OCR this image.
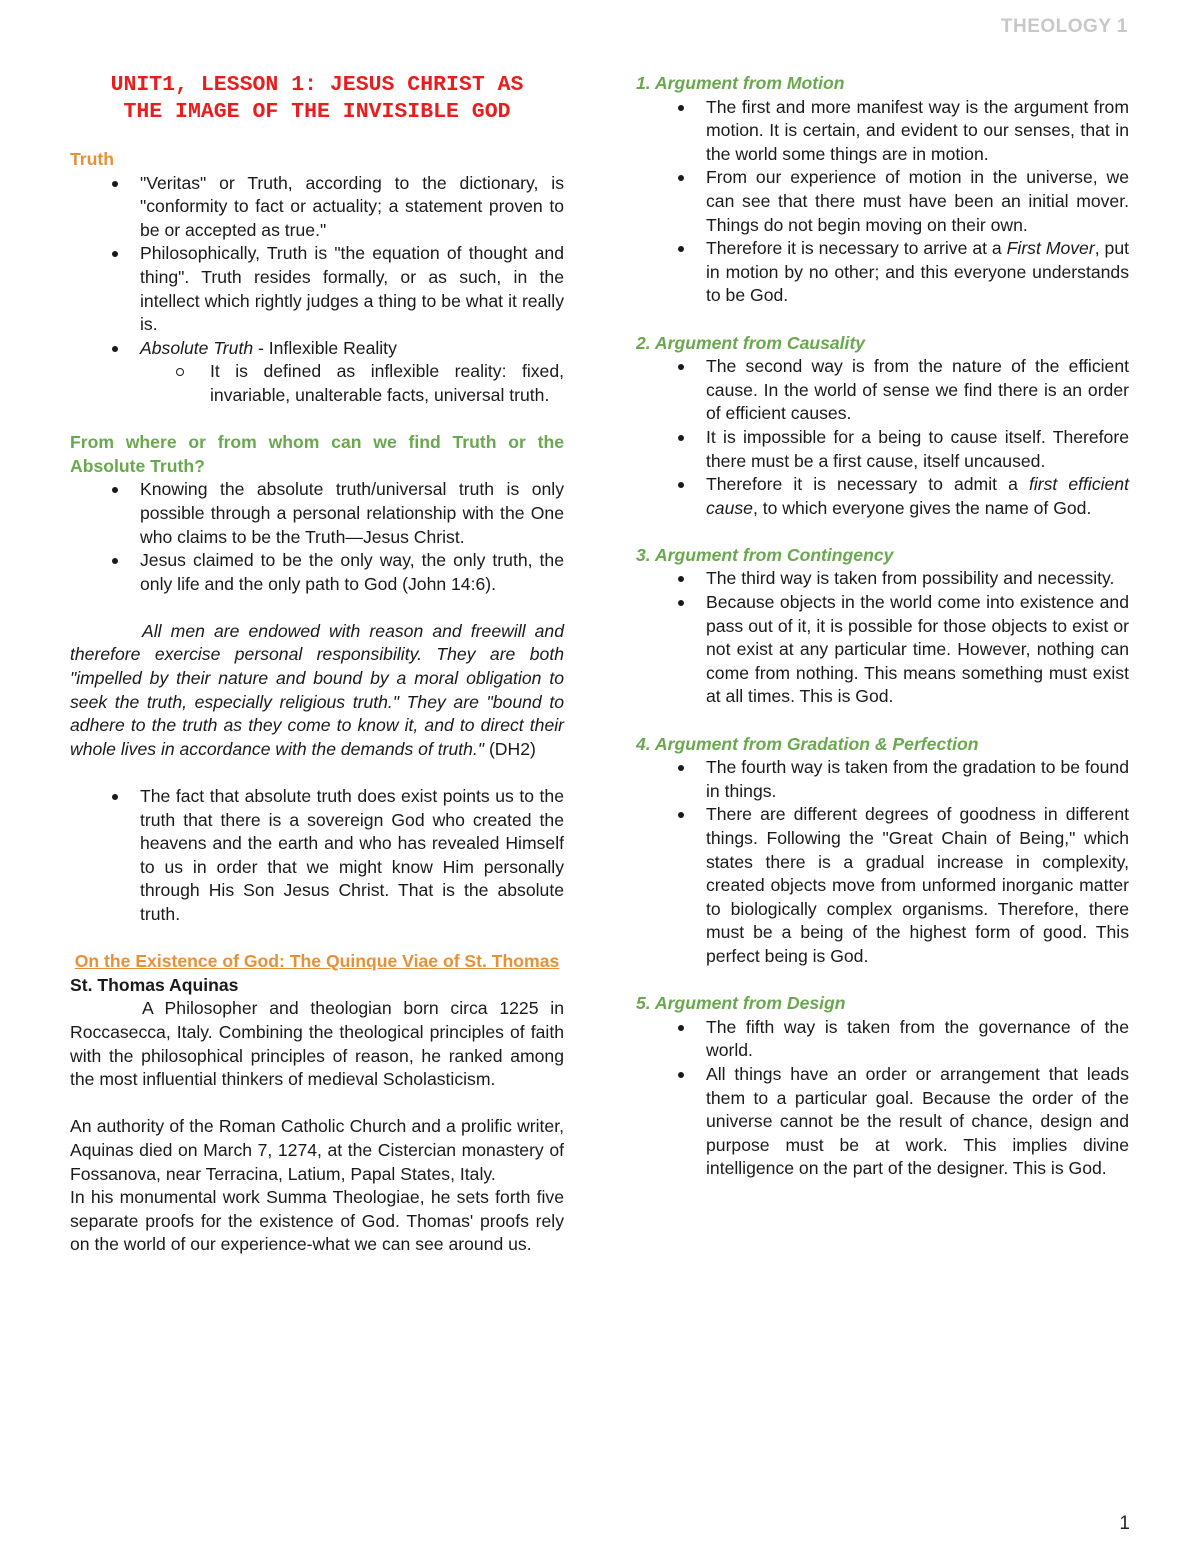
THEOLOGY 1
UNIT1, LESSON 1: JESUS CHRIST AS
THE IMAGE OF THE INVISIBLE GOD

Truth

"Veritas" or Truth, according to the dictionary, is "conformity to fact or actuality; a statement proven to be or accepted as true."
Philosophically, Truth is "the equation of thought and thing". Truth resides formally, or as such, in the intellect which rightly judges a thing to be what it really is.
Absolute Truth - Inflexible Reality
It is defined as inflexible reality: fixed, invariable, unalterable facts, universal truth.

From where or from whom can we find Truth or the Absolute Truth?

Knowing the absolute truth/universal truth is only possible through a personal relationship with the One who claims to be the Truth—Jesus Christ.
Jesus claimed to be the only way, the only truth, the only life and the only path to God (John 14:6).

All men are endowed with reason and freewill and therefore exercise personal responsibility. They are both "impelled by their nature and bound by a moral obligation to seek the truth, especially religious truth." They are "bound to adhere to the truth as they come to know it, and to direct their whole lives in accordance with the demands of truth." (DH2)

The fact that absolute truth does exist points us to the truth that there is a sovereign God who created the heavens and the earth and who has revealed Himself to us in order that we might know Him personally through His Son Jesus Christ. That is the absolute truth.

On the Existence of God: The Quinque Viae of St. Thomas

St. Thomas Aquinas

A Philosopher and theologian born circa 1225 in Roccasecca, Italy. Combining the theological principles of faith with the philosophical principles of reason, he ranked among the most influential thinkers of medieval Scholasticism.

An authority of the Roman Catholic Church and a prolific writer, Aquinas died on March 7, 1274, at the Cistercian monastery of Fossanova, near Terracina, Latium, Papal States, Italy.

In his monumental work Summa Theologiae, he sets forth five separate proofs for the existence of God. Thomas' proofs rely on the world of our experience-what we can see around us.

1. Argument from Motion

The first and more manifest way is the argument from motion. It is certain, and evident to our senses, that in the world some things are in motion.
From our experience of motion in the universe, we can see that there must have been an initial mover. Things do not begin moving on their own.
Therefore it is necessary to arrive at a First Mover, put in motion by no other; and this everyone understands to be God.

2. Argument from Causality

The second way is from the nature of the efficient cause. In the world of sense we find there is an order of efficient causes.
It is impossible for a being to cause itself. Therefore there must be a first cause, itself uncaused.
Therefore it is necessary to admit a first efficient cause, to which everyone gives the name of God.

3. Argument from Contingency

The third way is taken from possibility and necessity.
Because objects in the world come into existence and pass out of it, it is possible for those objects to exist or not exist at any particular time. However, nothing can come from nothing. This means something must exist at all times. This is God.

4. Argument from Gradation & Perfection

The fourth way is taken from the gradation to be found in things.
There are different degrees of goodness in different things. Following the "Great Chain of Being," which states there is a gradual increase in complexity, created objects move from unformed inorganic matter to biologically complex organisms. Therefore, there must be a being of the highest form of good. This perfect being is God.

5. Argument from Design

The fifth way is taken from the governance of the world.
All things have an order or arrangement that leads them to a particular goal. Because the order of the universe cannot be the result of chance, design and purpose must be at work. This implies divine intelligence on the part of the designer. This is God.
1
